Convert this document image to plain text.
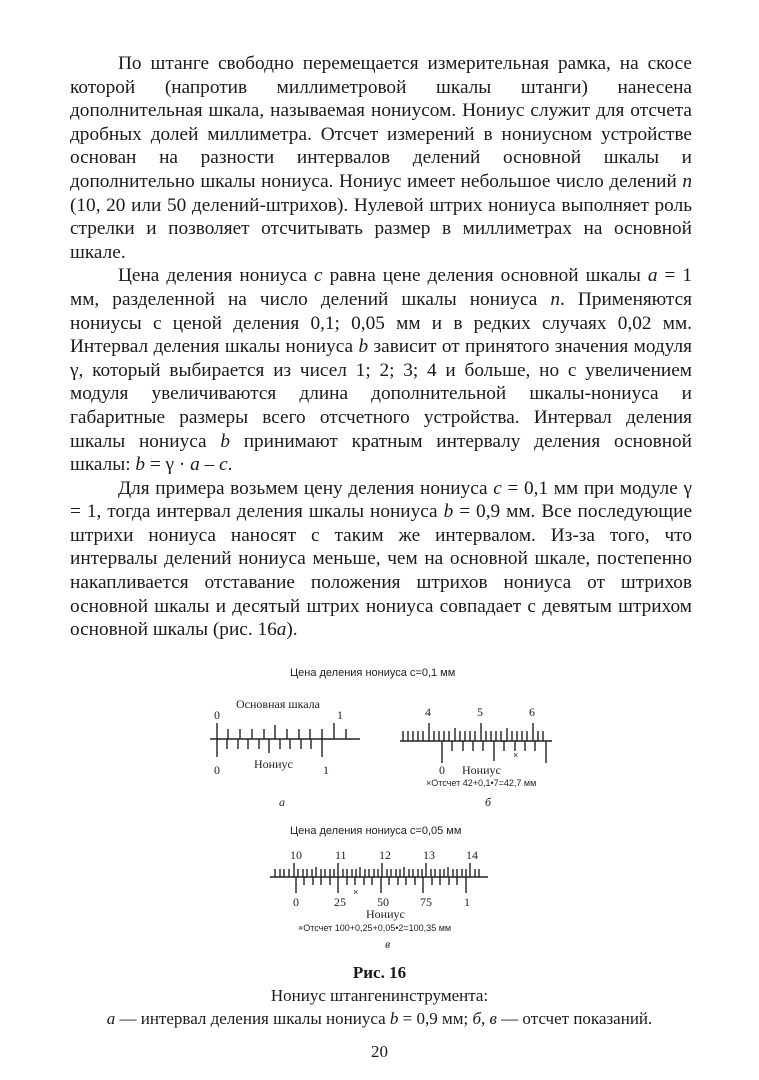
По штанге свободно перемещается измерительная рамка, на скосе которой (напротив миллиметровой шкалы штанги) нанесена дополнительная шкала, называемая нониусом. Нониус служит для отсчета дробных долей миллиметра. Отсчет измерений в нониусном устройстве основан на разности интервалов делений основной шкалы и дополнительно шкалы нониуса. Нониус имеет небольшое число делений n (10, 20 или 50 делений-штрихов). Нулевой штрих нониуса выполняет роль стрелки и позволяет отсчитывать размер в миллиметрах на основной шкале.

Цена деления нониуса c равна цене деления основной шкалы a = 1 мм, разделенной на число делений шкалы нониуса n. Применяются нониусы с ценой деления 0,1; 0,05 мм и в редких случаях 0,02 мм. Интервал деления шкалы нониуса b зависит от принятого значения модуля γ, который выбирается из чисел 1; 2; 3; 4 и больше, но с увеличением модуля увеличиваются длина дополнительной шкалы-нониуса и габаритные размеры всего отсчетного устройства. Интервал деления шкалы нониуса b принимают кратным интервалу деления основной шкалы: b = γ · a – c.

Для примера возьмем цену деления нониуса c = 0,1 мм при модуле γ = 1, тогда интервал деления шкалы нониуса b = 0,9 мм. Все последующие штрихи нониуса наносят с таким же интервалом. Из-за того, что интервалы делений нониуса меньше, чем на основной шкале, постепенно накапливается отставание положения штрихов нониуса от штрихов основной шкалы и десятый штрих нониуса совпадает с девятым штрихом основной шкалы (рис. 16a).

Цена деления нониуса с=0,1 мм
Основная шкала
0	1
0	Нониус	1
а
4	5	6
×
0 Нониус
×Отсчет 42+0,1•7=42,7 мм
б
Цена деления нониуса с=0,05 мм
10	11	12	13	14
×
0	25	50	75	1
Нониус
×Отсчет 100+0,25+0,05•2=100,35 мм
в
Рис. 16
Нониус штангенинструмента:
а — интервал деления шкалы нониуса b = 0,9 мм; б, в — отсчет показаний.
20
